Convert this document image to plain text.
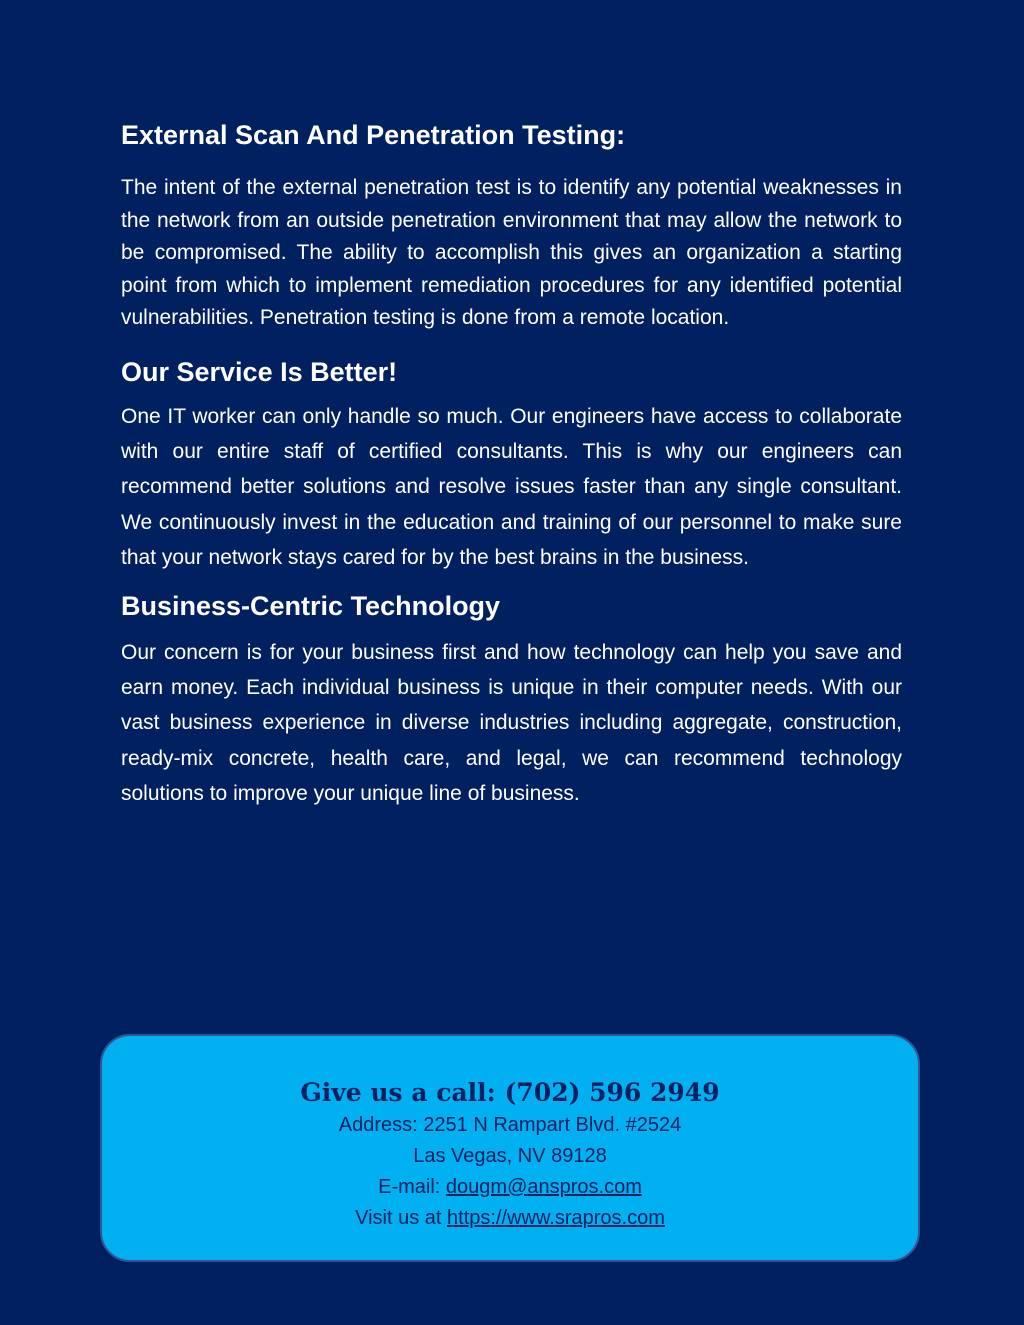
External Scan And Penetration Testing:

The intent of the external penetration test is to identify any potential weaknesses in the network from an outside penetration environment that may allow the network to be compromised. The ability to accomplish this gives an organization a starting point from which to implement remediation procedures for any identified potential vulnerabilities. Penetration testing is done from a remote location.

Our Service Is Better!

One IT worker can only handle so much. Our engineers have access to collaborate with our entire staff of certified consultants. This is why our engineers can recommend better solutions and resolve issues faster than any single consultant. We continuously invest in the education and training of our personnel to make sure that your network stays cared for by the best brains in the business.

Business-Centric Technology

Our concern is for your business first and how technology can help you save and earn money. Each individual business is unique in their computer needs. With our vast business experience in diverse industries including aggregate, construction, ready-mix concrete, health care, and legal, we can recommend technology solutions to improve your unique line of business.

Give us a call: (702) 596 2949
Address: 2251 N Rampart Blvd. #2524
Las Vegas, NV 89128
E-mail: dougm@anspros.com
Visit us at https://www.srapros.com
